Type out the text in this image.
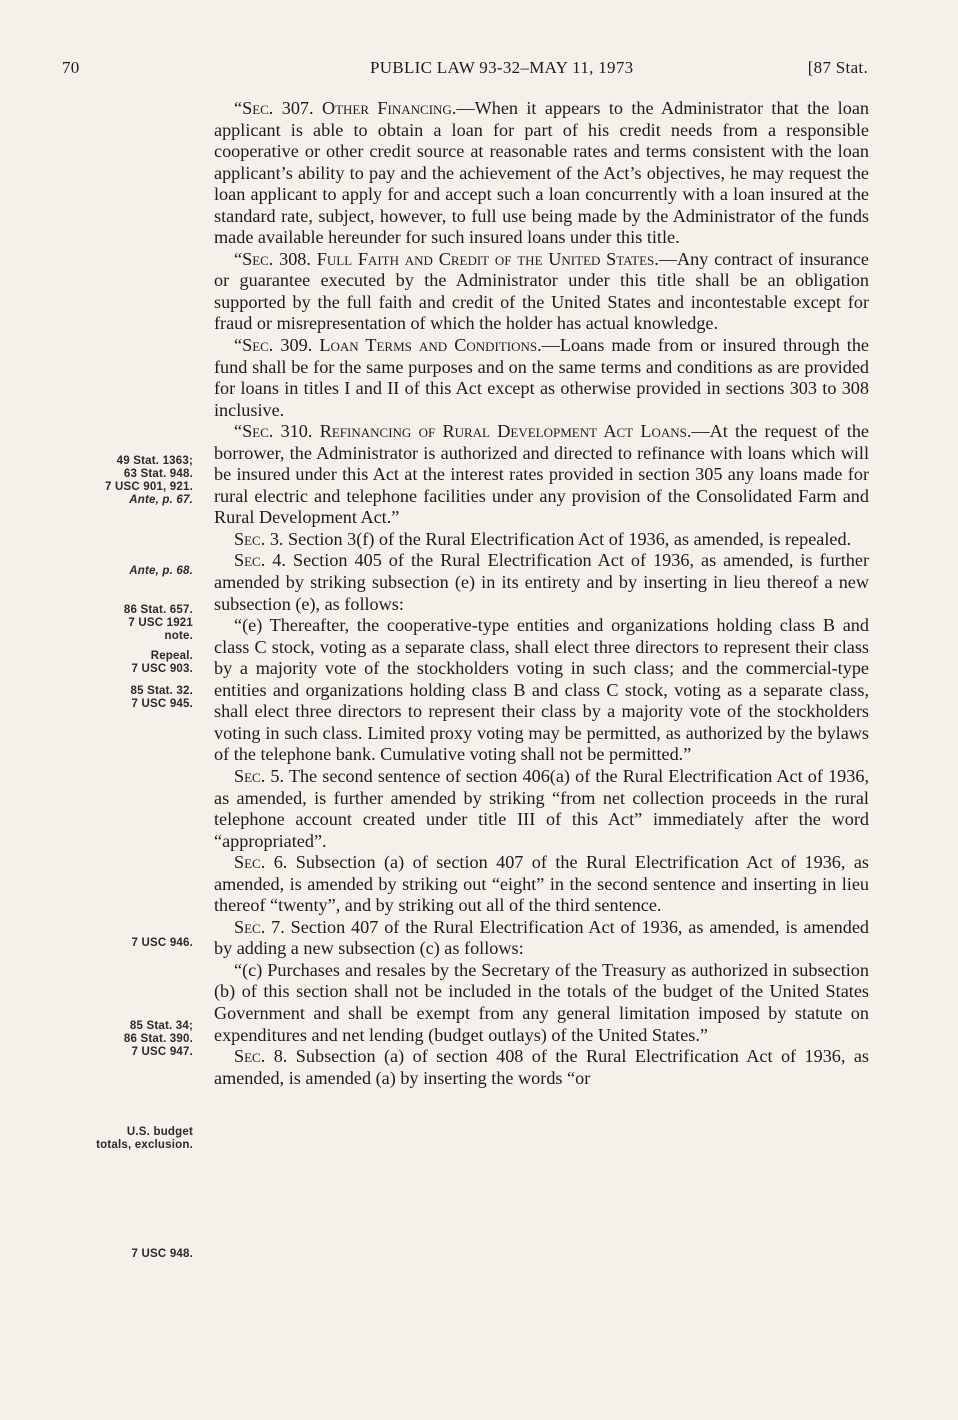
70	PUBLIC LAW 93-32–MAY 11, 1973	[87 Stat.

“Sec. 307. Other Financing.—When it appears to the Administrator that the loan applicant is able to obtain a loan for part of his credit needs from a responsible cooperative or other credit source at reasonable rates and terms consistent with the loan applicant’s ability to pay and the achievement of the Act’s objectives, he may request the loan applicant to apply for and accept such a loan concurrently with a loan insured at the standard rate, subject, however, to full use being made by the Administrator of the funds made available hereunder for such insured loans under this title.

“Sec. 308. Full Faith and Credit of the United States.—Any contract of insurance or guarantee executed by the Administrator under this title shall be an obligation supported by the full faith and credit of the United States and incontestable except for fraud or misrepresentation of which the holder has actual knowledge.

“Sec. 309. Loan Terms and Conditions.—Loans made from or insured through the fund shall be for the same purposes and on the same terms and conditions as are provided for loans in titles I and II of this Act except as otherwise provided in sections 303 to 308 inclusive.

“Sec. 310. Refinancing of Rural Development Act Loans.—At the request of the borrower, the Administrator is authorized and directed to refinance with loans which will be insured under this Act at the interest rates provided in section 305 any loans made for rural electric and telephone facilities under any provision of the Consolidated Farm and Rural Development Act.”

Sec. 3. Section 3(f) of the Rural Electrification Act of 1936, as amended, is repealed.

Sec. 4. Section 405 of the Rural Electrification Act of 1936, as amended, is further amended by striking subsection (e) in its entirety and by inserting in lieu thereof a new subsection (e), as follows:

“(e) Thereafter, the cooperative-type entities and organizations holding class B and class C stock, voting as a separate class, shall elect three directors to represent their class by a majority vote of the stockholders voting in such class; and the commercial-type entities and organizations holding class B and class C stock, voting as a separate class, shall elect three directors to represent their class by a majority vote of the stockholders voting in such class. Limited proxy voting may be permitted, as authorized by the bylaws of the telephone bank. Cumulative voting shall not be permitted.”

Sec. 5. The second sentence of section 406(a) of the Rural Electrification Act of 1936, as amended, is further amended by striking “from net collection proceeds in the rural telephone account created under title III of this Act” immediately after the word “appropriated”.

Sec. 6. Subsection (a) of section 407 of the Rural Electrification Act of 1936, as amended, is amended by striking out “eight” in the second sentence and inserting in lieu thereof “twenty”, and by striking out all of the third sentence.

Sec. 7. Section 407 of the Rural Electrification Act of 1936, as amended, is amended by adding a new subsection (c) as follows:

“(c) Purchases and resales by the Secretary of the Treasury as authorized in subsection (b) of this section shall not be included in the totals of the budget of the United States Government and shall be exempt from any general limitation imposed by statute on expenditures and net lending (budget outlays) of the United States.”

Sec. 8. Subsection (a) of section 408 of the Rural Electrification Act of 1936, as amended, is amended (a) by inserting the words “or

49 Stat. 1363;
63 Stat. 948.
7 USC 901, 921.
Ante, p. 67.
Ante, p. 68.
86 Stat. 657.
7 USC 1921
note.
Repeal.
7 USC 903.
85 Stat. 32.
7 USC 945.
7 USC 946.
85 Stat. 34;
86 Stat. 390.
7 USC 947.
U.S. budget
totals, exclusion.
7 USC 948.
